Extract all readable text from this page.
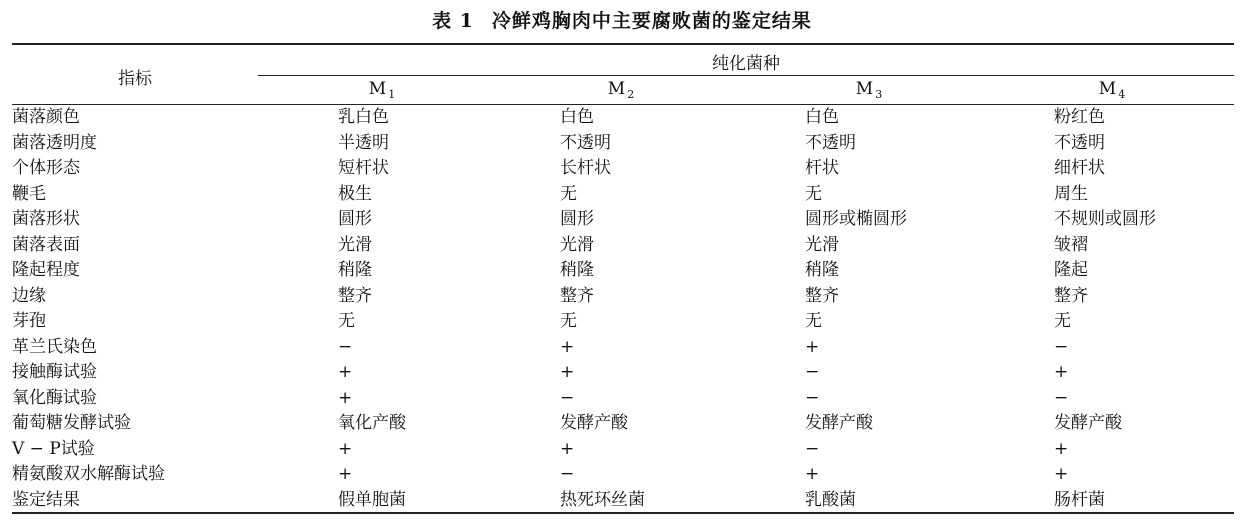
表 1 冷鲜鸡胸肉中主要腐败菌的鉴定结果
指标
纯化菌种
M $_1$	M $_2$	M $_3$	M $_4$
菌落颜色	乳白色	白色	白色	粉红色
菌落透明度	半透明	不透明	不透明	不透明
个体形态	短杆状	长杆状	杆状	细杆状
鞭毛	极生	无	无	周生
菌落形状	圆形	圆形	圆形或椭圆形	不规则或圆形
菌落表面	光滑	光滑	光滑	皱褶
隆起程度	稍隆	稍隆	稍隆	隆起
边缘	整齐	整齐	整齐	整齐
芽孢	无	无	无	无
革兰氏染色	−	+	+	−
接触酶试验	+	+	−	+
氧化酶试验	+	−	−	−
葡萄糖发酵试验	氧化产酸	发酵产酸	发酵产酸	发酵产酸
V − P试验	+	+	−	+
精氨酸双水解酶试验	+	−	+	+
鉴定结果	假单胞菌	热死环丝菌	乳酸菌	肠杆菌
